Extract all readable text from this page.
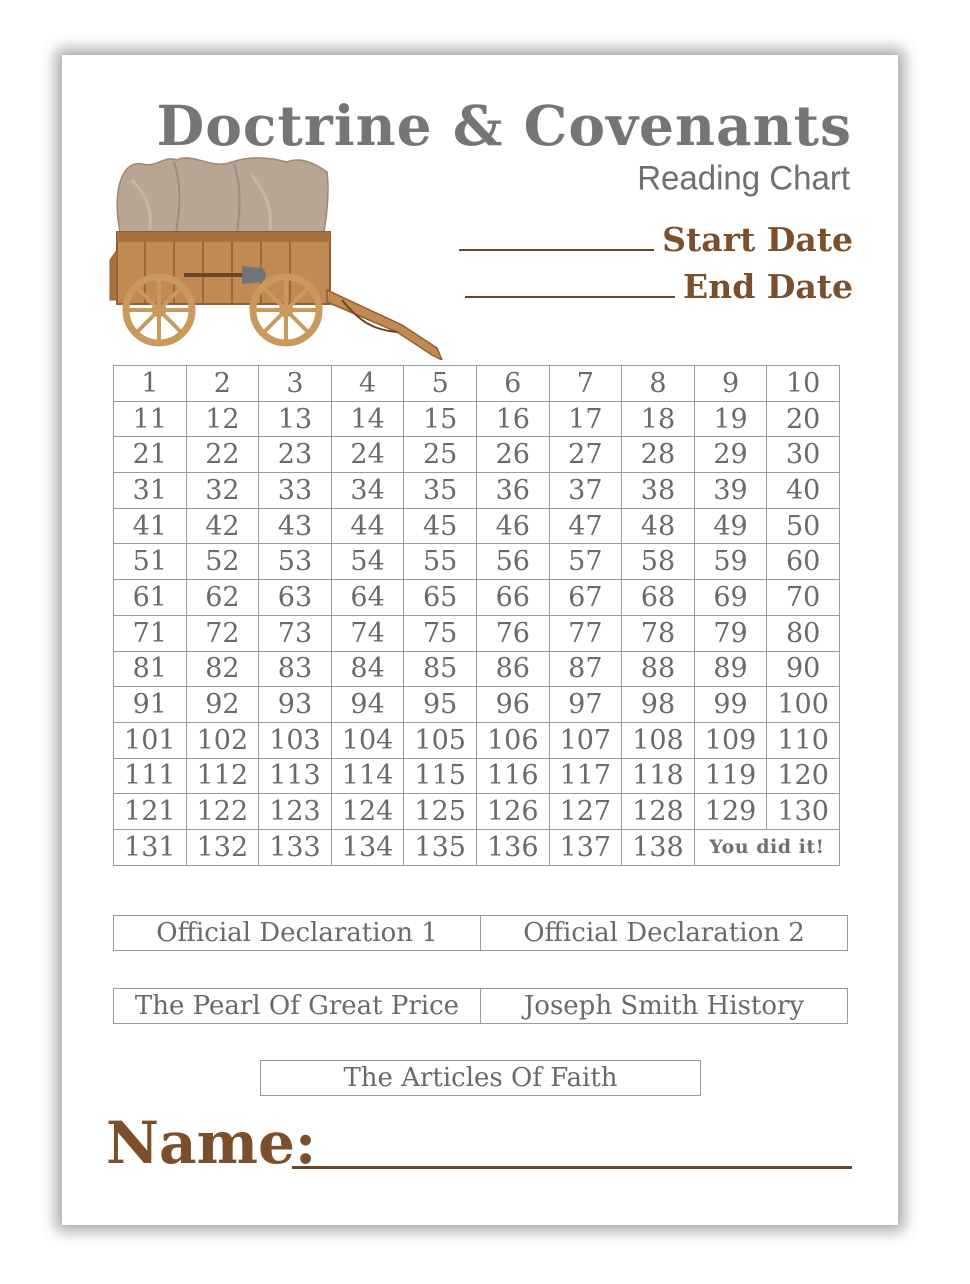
Doctrine & Covenants
Reading Chart
Start Date
End Date
1	2	3	4	5	6	7	8	9	10
11	12	13	14	15	16	17	18	19	20
21	22	23	24	25	26	27	28	29	30
31	32	33	34	35	36	37	38	39	40
41	42	43	44	45	46	47	48	49	50
51	52	53	54	55	56	57	58	59	60
61	62	63	64	65	66	67	68	69	70
71	72	73	74	75	76	77	78	79	80
81	82	83	84	85	86	87	88	89	90
91	92	93	94	95	96	97	98	99	100
101	102	103	104	105	106	107	108	109	110
111	112	113	114	115	116	117	118	119	120
121	122	123	124	125	126	127	128	129	130
131	132	133	134	135	136	137	138	You did it!	
Official Declaration 1	Official Declaration 2
The Pearl Of Great Price	Joseph Smith History
The Articles Of Faith
Name:
